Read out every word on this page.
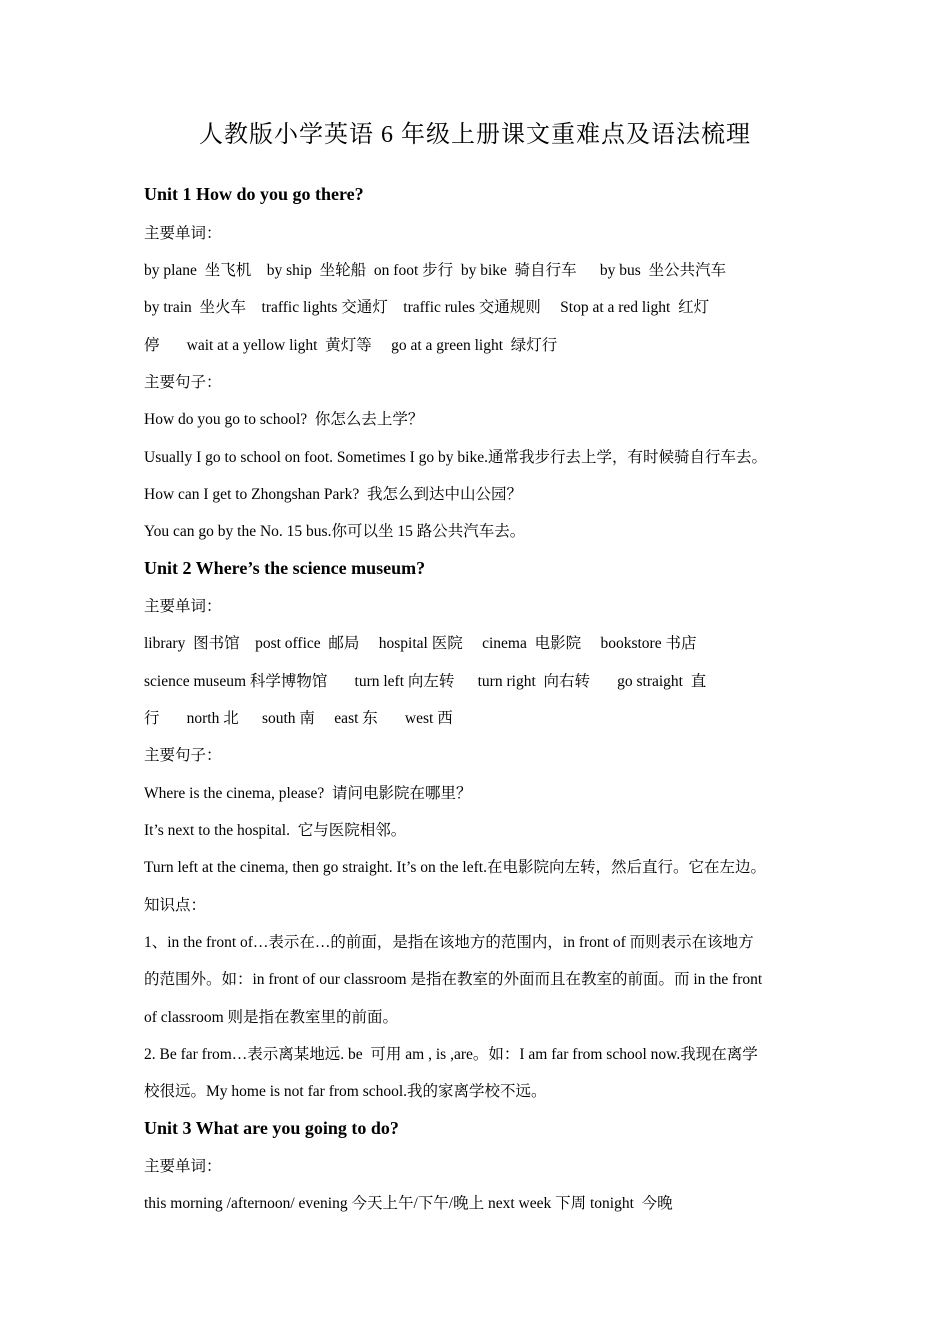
人教版小学英语 6 年级上册课文重难点及语法梳理
Unit 1 How do you go there?
主要单词：
by plane  坐飞机    by ship  坐轮船  on foot 步行  by bike  骑自行车      by bus  坐公共汽车
by train  坐火车    traffic lights 交通灯    traffic rules 交通规则     Stop at a red light  红灯
停       wait at a yellow light  黄灯等     go at a green light  绿灯行
主要句子：
How do you go to school?  你怎么去上学？
Usually I go to school on foot. Sometimes I go by bike.通常我步行去上学，有时候骑自行车去。
How can I get to Zhongshan Park?  我怎么到达中山公园？
You can go by the No. 15 bus.你可以坐 15 路公共汽车去。
Unit 2 Where’s the science museum?
主要单词：
library  图书馆    post office  邮局     hospital 医院     cinema  电影院     bookstore 书店
science museum 科学博物馆       turn left 向左转      turn right  向右转       go straight  直
行       north 北      south 南     east 东       west 西
主要句子：
Where is the cinema, please?  请问电影院在哪里？
It’s next to the hospital.  它与医院相邻。
Turn left at the cinema, then go straight. It’s on the left.在电影院向左转，然后直行。它在左边。
知识点：
1、in the front of…表示在…的前面，是指在该地方的范围内，in front of 而则表示在该地方
的范围外。如：in front of our classroom 是指在教室的外面而且在教室的前面。而 in the front
of classroom 则是指在教室里的前面。
2. Be far from…表示离某地远. be  可用 am , is ,are。如：I am far from school now.我现在离学
校很远。My home is not far from school.我的家离学校不远。
Unit 3 What are you going to do?
主要单词：
this morning /afternoon/ evening 今天上午/下午/晚上 next week 下周 tonight  今晚
